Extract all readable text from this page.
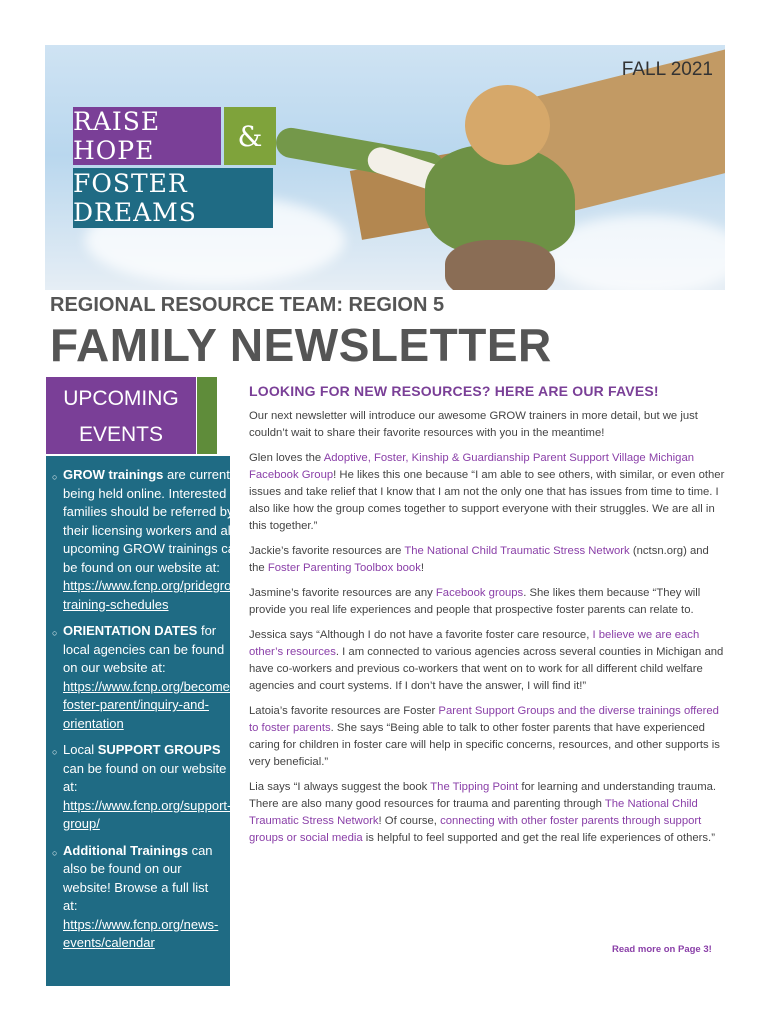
FALL 2021
RAISE HOPE	&
FOSTER DREAMS
REGIONAL RESOURCE TEAM: REGION 5
FAMILY NEWSLETTER
UPCOMING
EVENTS
○ GROW trainings are currently being held online. Interested families should be referred by their licensing workers and all upcoming GROW trainings can be found on our website at: https://www.fcnp.org/pridegrow-training-schedules
○ ORIENTATION DATES for local agencies can be found on our website at: https://www.fcnp.org/become-foster-parent/inquiry-and-orientation
○ Local SUPPORT GROUPS can be found on our website at: https://www.fcnp.org/support-group/
○ Additional Trainings can also be found on our website! Browse a full list at: https://www.fcnp.org/news-events/calendar
LOOKING FOR NEW RESOURCES? HERE ARE OUR FAVES!

Our next newsletter will introduce our awesome GROW trainers in more detail, but we just couldn’t wait to share their favorite resources with you in the meantime!

Glen loves the Adoptive, Foster, Kinship & Guardianship Parent Support Village Michigan Facebook Group! He likes this one because “I am able to see others, with similar, or even other issues and take relief that I know that I am not the only one that has issues from time to time. I also like how the group comes together to support everyone with their struggles. We are all in this together.”

Jackie’s favorite resources are The National Child Traumatic Stress Network (nctsn.org) and the Foster Parenting Toolbox book!

Jasmine’s favorite resources are any Facebook groups. She likes them because “They will provide you real life experiences and people that prospective foster parents can relate to.

Jessica says “Although I do not have a favorite foster care resource, I believe we are each other’s resources. I am connected to various agencies across several counties in Michigan and have co-workers and previous co-workers that went on to work for all different child welfare agencies and court systems. If I don’t have the answer, I will find it!”

Latoia’s favorite resources are Foster Parent Support Groups and the diverse trainings offered to foster parents. She says “Being able to talk to other foster parents that have experienced caring for children in foster care will help in specific concerns, resources, and other supports is very beneficial.”

Lia says “I always suggest the book The Tipping Point for learning and understanding trauma. There are also many good resources for trauma and parenting through The National Child Traumatic Stress Network! Of course, connecting with other foster parents through support groups or social media is helpful to feel supported and get the real life experiences of others.”

Read more on Page 3!
